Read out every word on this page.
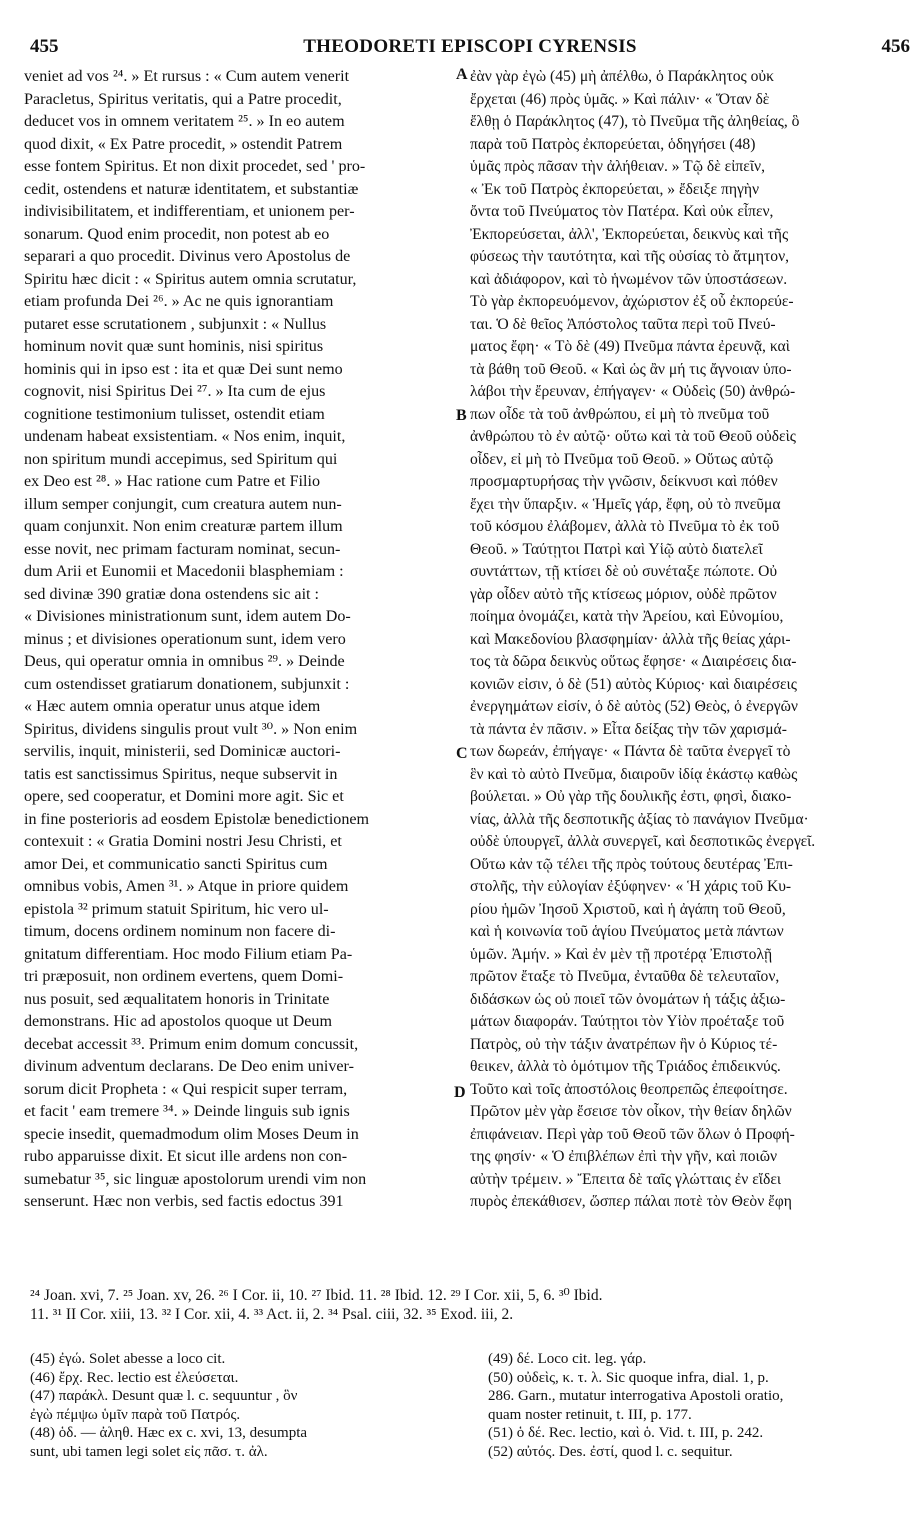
455	THEODORETI EPISCOPI CYRENSIS	456
veniet ad vos ²⁴. » Et rursus : « Cum autem venerit
Paracletus, Spiritus veritatis, qui a Patre procedit,
deducet vos in omnem veritatem ²⁵. » In eo autem
quod dixit, « Ex Patre procedit, » ostendit Patrem
esse fontem Spiritus. Et non dixit procedet, sed ' pro-
cedit, ostendens et naturæ identitatem, et substantiæ
indivisibilitatem, et indifferentiam, et unionem per-
sonarum. Quod enim procedit, non potest ab eo
separari a quo procedit. Divinus vero Apostolus de
Spiritu hæc dicit : « Spiritus autem omnia scrutatur,
etiam profunda Dei ²⁶. » Ac ne quis ignorantiam
putaret esse scrutationem , subjunxit : « Nullus
hominum novit quæ sunt hominis, nisi spiritus
hominis qui in ipso est : ita et quæ Dei sunt nemo
cognovit, nisi Spiritus Dei ²⁷. » Ita cum de ejus
cognitione testimonium tulisset, ostendit etiam
undenam habeat exsistentiam. « Nos enim, inquit,
non spiritum mundi accepimus, sed Spiritum qui
ex Deo est ²⁸. » Hac ratione cum Patre et Filio
illum semper conjungit, cum creatura autem nun-
quam conjunxit. Non enim creaturæ partem illum
esse novit, nec primam facturam nominat, secun-
dum Arii et Eunomii et Macedonii blasphemiam :
sed divinæ 390 gratiæ dona ostendens sic ait :
« Divisiones ministrationum sunt, idem autem Do-
minus ; et divisiones operationum sunt, idem vero
Deus, qui operatur omnia in omnibus ²⁹. » Deinde
cum ostendisset gratiarum donationem, subjunxit :
« Hæc autem omnia operatur unus atque idem
Spiritus, dividens singulis prout vult ³⁰. » Non enim
servilis, inquit, ministerii, sed Dominicæ auctori-
tatis est sanctissimus Spiritus, neque subservit in
opere, sed cooperatur, et Domini more agit. Sic et
in fine posterioris ad eosdem Epistolæ benedictionem
contexuit : « Gratia Domini nostri Jesu Christi, et
amor Dei, et communicatio sancti Spiritus cum
omnibus vobis, Amen ³¹. » Atque in priore quidem
epistola ³² primum statuit Spiritum, hic vero ul-
timum, docens ordinem nominum non facere di-
gnitatum differentiam. Hoc modo Filium etiam Pa-
tri præposuit, non ordinem evertens, quem Domi-
nus posuit, sed æqualitatem honoris in Trinitate
demonstrans. Hic ad apostolos quoque ut Deum
decebat accessit ³³. Primum enim domum concussit,
divinum adventum declarans. De Deo enim univer-
sorum dicit Propheta : « Qui respicit super terram,
et facit ' eam tremere ³⁴. » Deinde linguis sub ignis
specie insedit, quemadmodum olim Moses Deum in
rubo apparuisse dixit. Et sicut ille ardens non con-
sumebatur ³⁵, sic linguæ apostolorum urendi vim non
senserunt. Hæc non verbis, sed factis edoctus 391
ἐὰν γὰρ ἐγὼ (45) μὴ ἀπέλθω, ὁ Παράκλητος οὐκ
ἔρχεται (46) πρὸς ὑμᾶς. » Καὶ πάλιν· « Ὅταν δὲ
ἔλθῃ ὁ Παράκλητος (47), τὸ Πνεῦμα τῆς ἀληθείας, ὃ
παρὰ τοῦ Πατρὸς ἐκπορεύεται, ὁδηγήσει (48)
ὑμᾶς πρὸς πᾶσαν τὴν ἀλήθειαν. » Τῷ δὲ εἰπεῖν,
« Ἐκ τοῦ Πατρὸς ἐκπορεύεται, » ἔδειξε πηγὴν
ὄντα τοῦ Πνεύματος τὸν Πατέρα. Καὶ οὐκ εἶπεν,
Ἐκπορεύσεται, ἀλλ', Ἐκπορεύεται, δεικνὺς καὶ τῆς
φύσεως τὴν ταυτότητα, καὶ τῆς οὐσίας τὸ ἄτμητον,
καὶ ἀδιάφορον, καὶ τὸ ἡνωμένον τῶν ὑποστάσεων.
Τὸ γὰρ ἐκπορευόμενον, ἀχώριστον ἐξ οὗ ἐκπορεύε-
ται. Ὁ δὲ θεῖος Ἀπόστολος ταῦτα περὶ τοῦ Πνεύ-
ματος ἔφη· « Τὸ δὲ (49) Πνεῦμα πάντα ἐρευνᾷ, καὶ
τὰ βάθη τοῦ Θεοῦ. « Καὶ ὡς ἂν μή τις ἄγνοιαν ὑπο-
λάβοι τὴν ἔρευναν, ἐπήγαγεν· « Οὐδεὶς (50) ἀνθρώ-
πων οἶδε τὰ τοῦ ἀνθρώπου, εἰ μὴ τὸ πνεῦμα τοῦ
ἀνθρώπου τὸ ἐν αὐτῷ· οὕτω καὶ τὰ τοῦ Θεοῦ οὐδεὶς
οἶδεν, εἰ μὴ τὸ Πνεῦμα τοῦ Θεοῦ. » Οὕτως αὐτῷ
προσμαρτυρήσας τὴν γνῶσιν, δείκνυσι καὶ πόθεν
ἔχει τὴν ὕπαρξιν. « Ἡμεῖς γάρ, ἔφη, οὐ τὸ πνεῦμα
τοῦ κόσμου ἐλάβομεν, ἀλλὰ τὸ Πνεῦμα τὸ ἐκ τοῦ
Θεοῦ. » Ταύτῃτοι Πατρὶ καὶ Υἱῷ αὐτὸ διατελεῖ
συντάττων, τῇ κτίσει δὲ οὐ συνέταξε πώποτε. Οὐ
γὰρ οἶδεν αὐτὸ τῆς κτίσεως μόριον, οὐδὲ πρῶτον
ποίημα ὀνομάζει, κατὰ τὴν Ἀρείου, καὶ Εὐνομίου,
καὶ Μακεδονίου βλασφημίαν· ἀλλὰ τῆς θείας χάρι-
τος τὰ δῶρα δεικνὺς οὕτως ἔφησε· « Διαιρέσεις δια-
κονιῶν εἰσιν, ὁ δὲ (51) αὐτὸς Κύριος· καὶ διαιρέσεις
ἐνεργημάτων εἰσίν, ὁ δὲ αὐτὸς (52) Θεὸς, ὁ ἐνεργῶν
τὰ πάντα ἐν πᾶσιν. » Εἶτα δείξας τὴν τῶν χαρισμά-
των δωρεάν, ἐπήγαγε· « Πάντα δὲ ταῦτα ἐνεργεῖ τὸ
ἓν καὶ τὸ αὐτὸ Πνεῦμα, διαιροῦν ἰδίᾳ ἑκάστῳ καθὼς
βούλεται. » Οὐ γὰρ τῆς δουλικῆς ἐστι, φησὶ, διακο-
νίας, ἀλλὰ τῆς δεσποτικῆς ἀξίας τὸ πανάγιον Πνεῦμα·
οὐδὲ ὑπουργεῖ, ἀλλὰ συνεργεῖ, καὶ δεσποτικῶς ἐνεργεῖ.
Οὕτω κἀν τῷ τέλει τῆς πρὸς τούτους δευτέρας Ἐπι-
στολῆς, τὴν εὐλογίαν ἐξύφηνεν· « Ἡ χάρις τοῦ Κυ-
ρίου ἡμῶν Ἰησοῦ Χριστοῦ, καὶ ἡ ἀγάπη τοῦ Θεοῦ,
καὶ ἡ κοινωνία τοῦ ἁγίου Πνεύματος μετὰ πάντων
ὑμῶν. Ἀμήν. » Καὶ ἐν μὲν τῇ προτέρᾳ Ἐπιστολῇ
πρῶτον ἔταξε τὸ Πνεῦμα, ἐνταῦθα δὲ τελευταῖον,
διδάσκων ὡς οὐ ποιεῖ τῶν ὀνομάτων ἡ τάξις ἀξιω-
μάτων διαφοράν. Ταύτῃτοι τὸν Υἱὸν προέταξε τοῦ
Πατρὸς, οὐ τὴν τάξιν ἀνατρέπων ἣν ὁ Κύριος τέ-
θεικεν, ἀλλὰ τὸ ὁμότιμον τῆς Τριάδος ἐπιδεικνύς.
Τοῦτο καὶ τοῖς ἀποστόλοις θεοπρεπῶς ἐπεφοίτησε.
Πρῶτον μὲν γὰρ ἔσεισε τὸν οἶκον, τὴν θείαν δηλῶν
ἐπιφάνειαν. Περὶ γὰρ τοῦ Θεοῦ τῶν ὅλων ὁ Προφή-
της φησίν· « Ὁ ἐπιβλέπων ἐπὶ τὴν γῆν, καὶ ποιῶν
αὐτὴν τρέμειν. » Ἔπειτα δὲ ταῖς γλώτταις ἐν εἴδει
πυρὸς ἐπεκάθισεν, ὥσπερ πάλαι ποτὲ τὸν Θεὸν ἔφη
A
B
C
D
²⁴ Joan. xvi, 7. ²⁵ Joan. xv, 26. ²⁶ I Cor. ii, 10. ²⁷ Ibid. 11. ²⁸ Ibid. 12. ²⁹ I Cor. xii, 5, 6. ³⁰ Ibid.
11. ³¹ II Cor. xiii, 13. ³² I Cor. xii, 4. ³³ Act. ii, 2. ³⁴ Psal. ciii, 32. ³⁵ Exod. iii, 2.
(45) ἐγώ. Solet abesse a loco cit.
(46) ἔρχ. Rec. lectio est ἐλεύσεται.
(47) παράκλ. Desunt quæ l. c. sequuntur , ὃν
ἐγὼ πέμψω ὑμῖν παρὰ τοῦ Πατρός.
(48) ὁδ. — ἀληθ. Hæc ex c. xvi, 13, desumpta
sunt, ubi tamen legi solet εἰς πᾶσ. τ. ἀλ.
(49) δέ. Loco cit. leg. γάρ.
(50) οὐδεὶς, κ. τ. λ. Sic quoque infra, dial. 1, p.
286. Garn., mutatur interrogativa Apostoli oratio,
quam noster retinuit, t. III, p. 177.
(51) ὁ δέ. Rec. lectio, καὶ ὁ. Vid. t. III, p. 242.
(52) αὐτός. Des. ἐστί, quod l. c. sequitur.
